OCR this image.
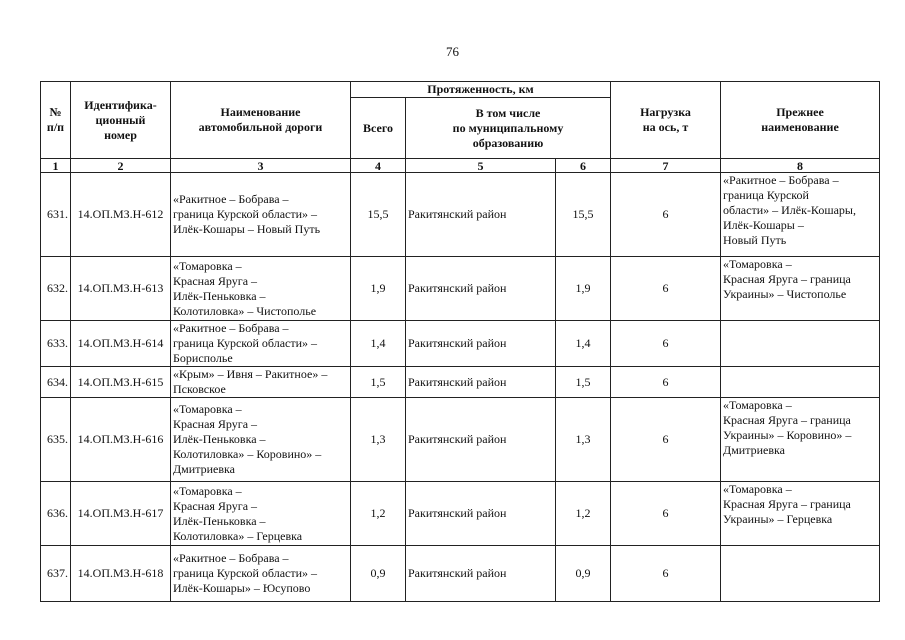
76
№
п/п	Идентифика-
ционный
номер	Наименование
автомобильной дороги	Протяженность, км			Нагрузка
на ось, т	Прежнее
наименование

			Всего	В том числе
по муниципальному
образованию			

1	2	3	4	5	6	7	8
631.	14.ОП.МЗ.Н-612	«Ракитное – Бобрава –
граница Курской области» –
Илёк-Кошары – Новый Путь	15,5	Ракитянский район	15,5	6	«Ракитное – Бобрава –
граница Курской
области» – Илёк-Кошары,
Илёк-Кошары –
Новый Путь

632.	14.ОП.МЗ.Н-613	«Томаровка –
Красная Яруга –
Илёк-Пеньковка –
Колотиловка» – Чистополье	1,9	Ракитянский район	1,9	6	«Томаровка –
Красная Яруга – граница
Украины» – Чистополье

633.	14.ОП.МЗ.Н-614	«Ракитное – Бобрава –
граница Курской области» –
Борисполье	1,4	Ракитянский район	1,4	6	
634.	14.ОП.МЗ.Н-615	«Крым» – Ивня – Ракитное» –
Псковское	1,5	Ракитянский район	1,5	6	
635.	14.ОП.МЗ.Н-616	«Томаровка –
Красная Яруга –
Илёк-Пеньковка –
Колотиловка» – Коровино» –
Дмитриевка	1,3	Ракитянский район	1,3	6	«Томаровка –
Красная Яруга – граница
Украины» – Коровино» –
Дмитриевка

636.	14.ОП.МЗ.Н-617	«Томаровка –
Красная Яруга –
Илёк-Пеньковка –
Колотиловка» – Герцевка	1,2	Ракитянский район	1,2	6	«Томаровка –
Красная Яруга – граница
Украины» – Герцевка

637.	14.ОП.МЗ.Н-618	«Ракитное – Бобрава –
граница Курской области» –
Илёк-Кошары» – Юсупово	0,9	Ракитянский район	0,9	6	
